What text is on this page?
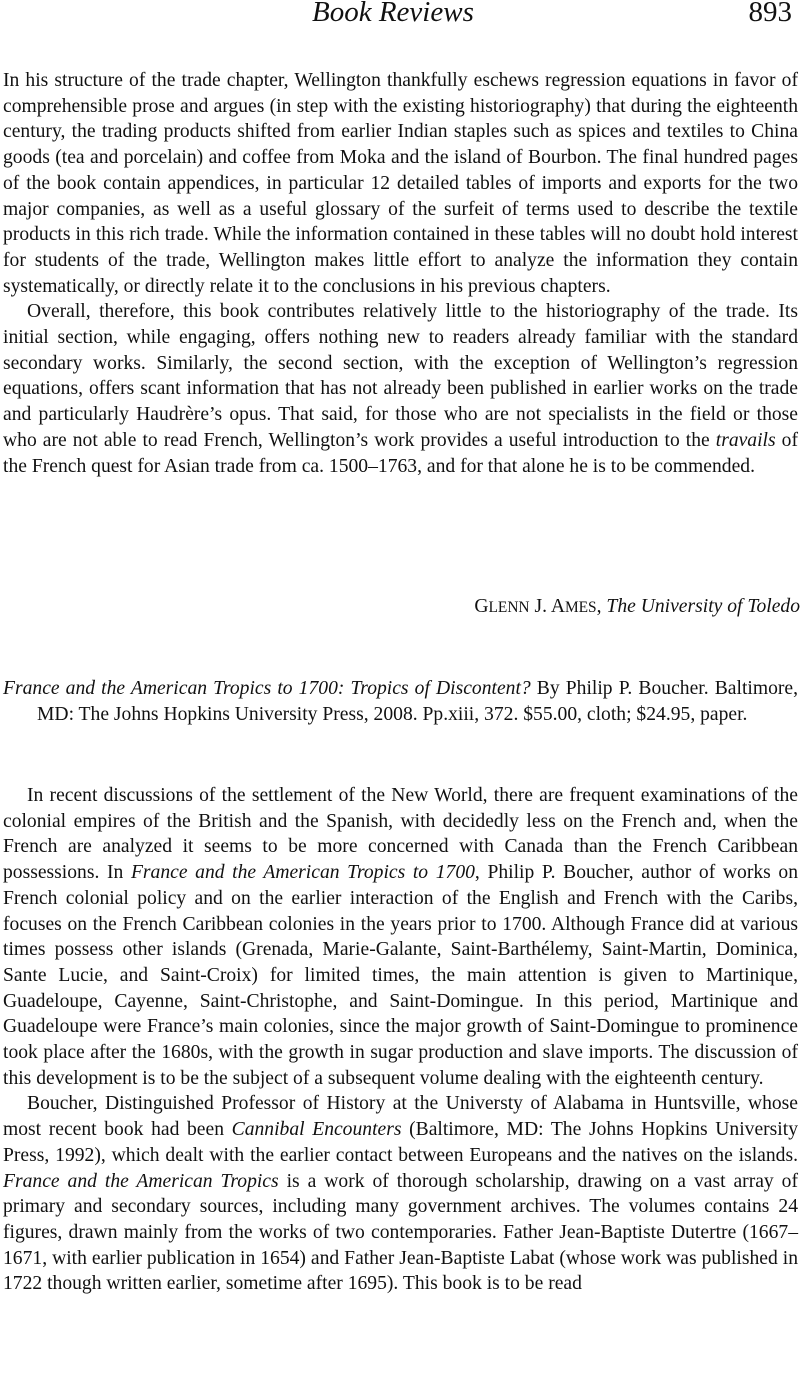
Book Reviews	893

In his structure of the trade chapter, Wellington thankfully eschews regression equations in favor of comprehensible prose and argues (in step with the existing historiography) that during the eighteenth century, the trading products shifted from earlier Indian staples such as spices and textiles to China goods (tea and porcelain) and coffee from Moka and the island of Bourbon. The final hundred pages of the book contain appendices, in particular 12 detailed tables of imports and exports for the two major companies, as well as a useful glossary of the surfeit of terms used to describe the textile products in this rich trade. While the information contained in these tables will no doubt hold interest for students of the trade, Wellington makes little effort to analyze the information they contain systematically, or directly relate it to the conclusions in his previous chapters.

Overall, therefore, this book contributes relatively little to the historiography of the trade. Its initial section, while engaging, offers nothing new to readers already familiar with the standard secondary works. Similarly, the second section, with the exception of Wellington’s regression equations, offers scant information that has not already been published in earlier works on the trade and particularly Haudrère’s opus. That said, for those who are not specialists in the field or those who are not able to read French, Wellington’s work provides a useful introduction to the travails of the French quest for Asian trade from ca. 1500–1763, and for that alone he is to be commended.

GLENN J. AMES, The University of Toledo
France and the American Tropics to 1700: Tropics of Discontent? By Philip P. Boucher. Baltimore, MD: The Johns Hopkins University Press, 2008. Pp.xiii, 372. $55.00, cloth; $24.95, paper.

In recent discussions of the settlement of the New World, there are frequent examinations of the colonial empires of the British and the Spanish, with decidedly less on the French and, when the French are analyzed it seems to be more concerned with Canada than the French Caribbean possessions. In France and the American Tropics to 1700, Philip P. Boucher, author of works on French colonial policy and on the earlier interaction of the English and French with the Caribs, focuses on the French Caribbean colonies in the years prior to 1700. Although France did at various times possess other islands (Grenada, Marie-Galante, Saint-Barthélemy, Saint-Martin, Dominica, Sante Lucie, and Saint-Croix) for limited times, the main attention is given to Martinique, Guadeloupe, Cayenne, Saint-Christophe, and Saint-Domingue. In this period, Martinique and Guadeloupe were France’s main colonies, since the major growth of Saint-Domingue to prominence took place after the 1680s, with the growth in sugar production and slave imports. The discussion of this development is to be the subject of a subsequent volume dealing with the eighteenth century.

Boucher, Distinguished Professor of History at the Universty of Alabama in Huntsville, whose most recent book had been Cannibal Encounters (Baltimore, MD: The Johns Hopkins University Press, 1992), which dealt with the earlier contact between Europeans and the natives on the islands. France and the American Tropics is a work of thorough scholarship, drawing on a vast array of primary and secondary sources, including many government archives. The volumes contains 24 figures, drawn mainly from the works of two contemporaries. Father Jean-Baptiste Dutertre (1667–1671, with earlier publication in 1654) and Father Jean-Baptiste Labat (whose work was published in 1722 though written earlier, sometime after 1695). This book is to be read
